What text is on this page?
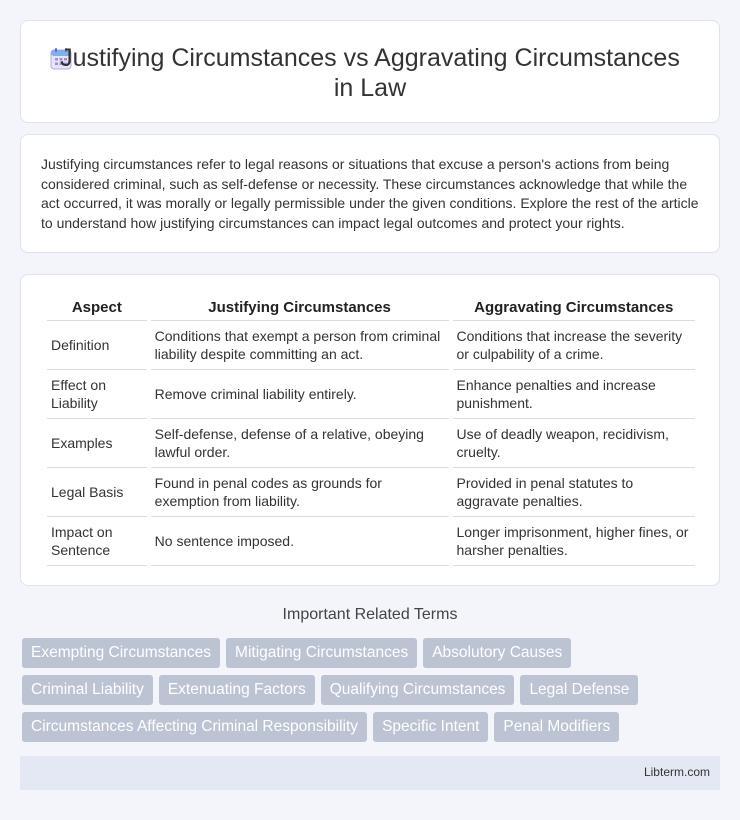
Justifying Circumstances vs Aggravating Circumstances in Law

Justifying circumstances refer to legal reasons or situations that excuse a person's actions from being considered criminal, such as self-defense or necessity. These circumstances acknowledge that while the act occurred, it was morally or legally permissible under the given conditions. Explore the rest of the article to understand how justifying circumstances can impact legal outcomes and protect your rights.

Aspect	Justifying Circumstances	Aggravating Circumstances
Definition	Conditions that exempt a person from criminal liability despite committing an act.	Conditions that increase the severity or culpability of a crime.
Effect on Liability	Remove criminal liability entirely.	Enhance penalties and increase punishment.
Examples	Self-defense, defense of a relative, obeying lawful order.	Use of deadly weapon, recidivism, cruelty.
Legal Basis	Found in penal codes as grounds for exemption from liability.	Provided in penal statutes to aggravate penalties.
Impact on Sentence	No sentence imposed.	Longer imprisonment, higher fines, or harsher penalties.
Important Related Terms
Exempting Circumstances	Mitigating Circumstances	Absolutory Causes
Criminal Liability	Extenuating Factors	Qualifying Circumstances	Legal Defense
Circumstances Affecting Criminal Responsibility	Specific Intent	Penal Modifiers
Libterm.com
